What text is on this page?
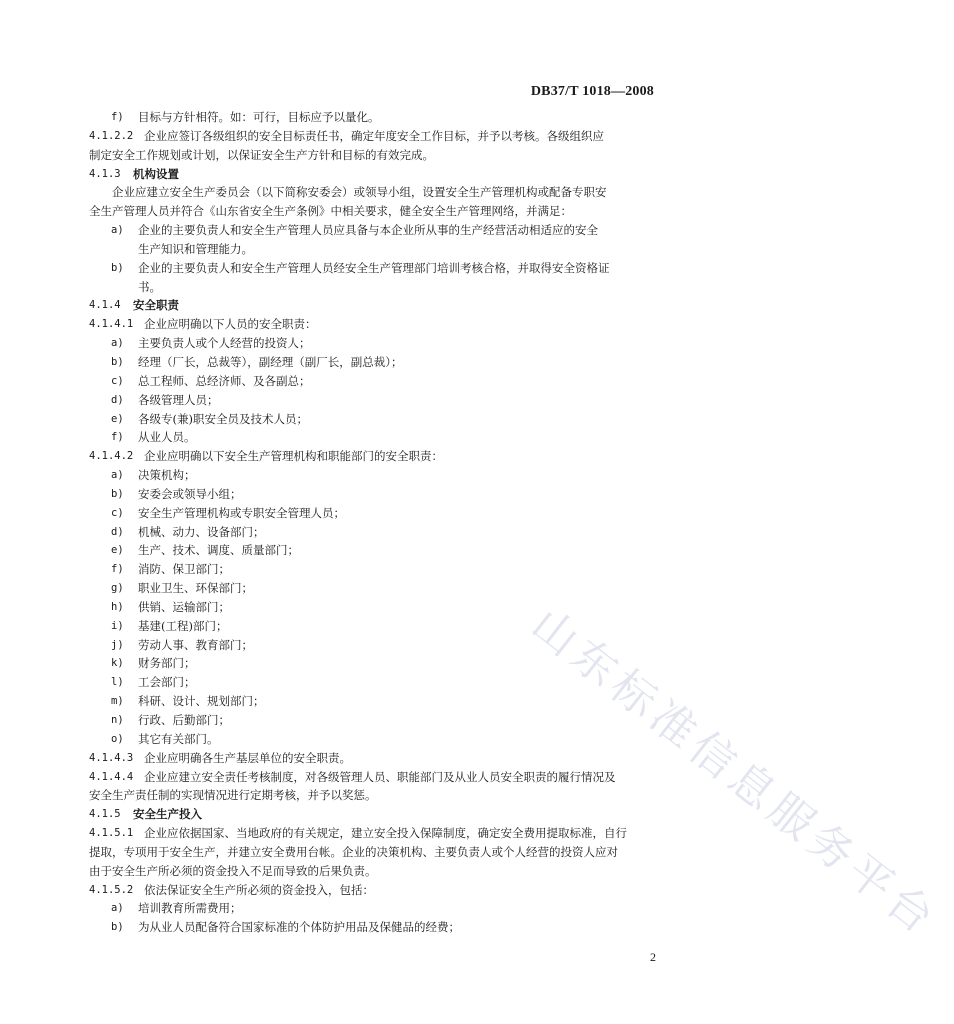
DB37/T 1018—2008
山东标准信息服务平台
f) 目标与方针相符。如：可行，目标应予以量化。
4.1.2.2 企业应签订各级组织的安全目标责任书，确定年度安全工作目标，并予以考核。各级组织应
制定安全工作规划或计划，以保证安全生产方针和目标的有效完成。
4.1.3 机构设置
企业应建立安全生产委员会（以下简称安委会）或领导小组，设置安全生产管理机构或配备专职安
全生产管理人员并符合《山东省安全生产条例》中相关要求，健全安全生产管理网络，并满足：
a) 企业的主要负责人和安全生产管理人员应具备与本企业所从事的生产经营活动相适应的安全
生产知识和管理能力。
b) 企业的主要负责人和安全生产管理人员经安全生产管理部门培训考核合格，并取得安全资格证
书。
4.1.4 安全职责
4.1.4.1 企业应明确以下人员的安全职责：
a) 主要负责人或个人经营的投资人；
b) 经理（厂长，总裁等），副经理（副厂长，副总裁）；
c) 总工程师、总经济师、及各副总；
d) 各级管理人员；
e) 各级专(兼)职安全员及技术人员；
f) 从业人员。
4.1.4.2 企业应明确以下安全生产管理机构和职能部门的安全职责：
a) 决策机构；
b) 安委会或领导小组；
c) 安全生产管理机构或专职安全管理人员；
d) 机械、动力、设备部门；
e) 生产、技术、调度、质量部门；
f) 消防、保卫部门；
g) 职业卫生、环保部门；
h) 供销、运输部门；
i) 基建(工程)部门；
j) 劳动人事、教育部门；
k) 财务部门；
l) 工会部门；
m) 科研、设计、规划部门；
n) 行政、后勤部门；
o) 其它有关部门。
4.1.4.3 企业应明确各生产基层单位的安全职责。
4.1.4.4 企业应建立安全责任考核制度，对各级管理人员、职能部门及从业人员安全职责的履行情况及
安全生产责任制的实现情况进行定期考核，并予以奖惩。
4.1.5 安全生产投入
4.1.5.1 企业应依据国家、当地政府的有关规定，建立安全投入保障制度，确定安全费用提取标准，自行
提取，专项用于安全生产，并建立安全费用台帐。企业的决策机构、主要负责人或个人经营的投资人应对
由于安全生产所必须的资金投入不足而导致的后果负责。
4.1.5.2 依法保证安全生产所必须的资金投入，包括：
a) 培训教育所需费用；
b) 为从业人员配备符合国家标准的个体防护用品及保健品的经费；
2
